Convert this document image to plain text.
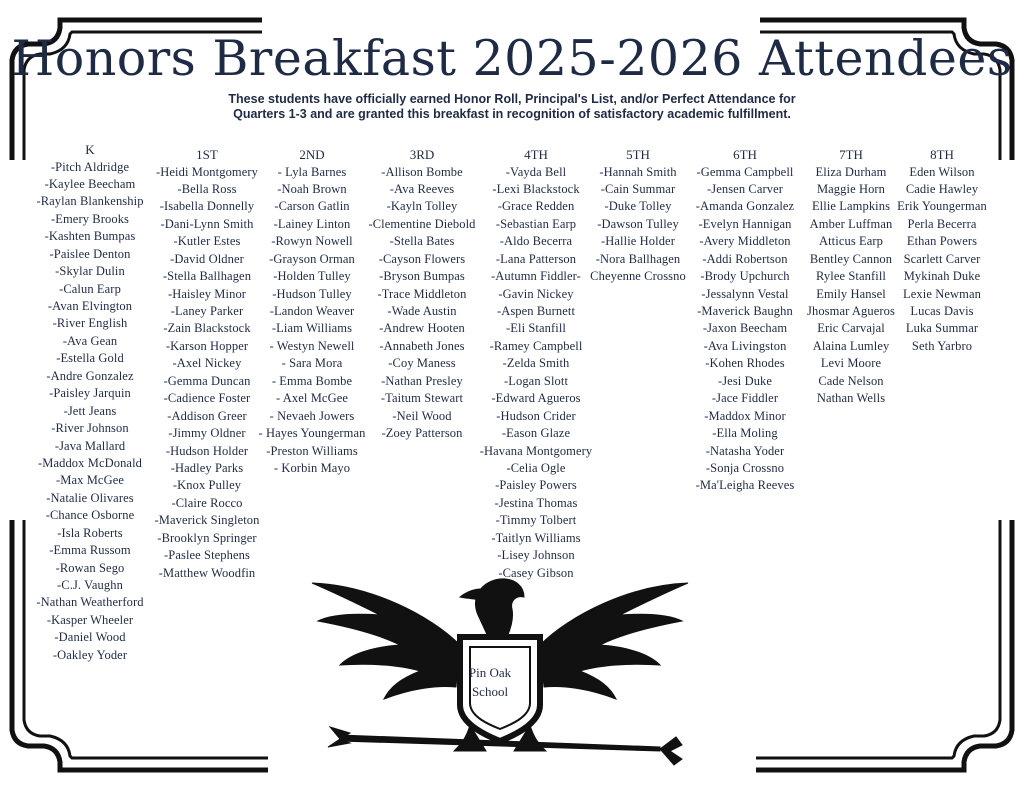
Honors Breakfast 2025-2026 Attendees
These students have officially earned Honor Roll, Principal's List, and/or Perfect Attendance for
Quarters 1-3 and are granted this breakfast in recognition of satisfactory academic fulfillment.
K
-Pitch Aldridge
-Kaylee Beecham
-Raylan Blankenship
-Emery Brooks
-Kashten Bumpas
-Paislee Denton
-Skylar Dulin
-Calun Earp
-Avan Elvington
-River English
-Ava Gean
-Estella Gold
-Andre Gonzalez
-Paisley Jarquin
-Jett Jeans
-River Johnson
-Java Mallard
-Maddox McDonald
-Max McGee
-Natalie Olivares
-Chance Osborne
-Isla Roberts
-Emma Russom
-Rowan Sego
-C.J. Vaughn
-Nathan Weatherford
-Kasper Wheeler
-Daniel Wood
-Oakley Yoder
1ST
-Heidi Montgomery
-Bella Ross
-Isabella Donnelly
-Dani-Lynn Smith
-Kutler Estes
-David Oldner
-Stella Ballhagen
-Haisley Minor
-Laney Parker
-Zain Blackstock
-Karson Hopper
-Axel Nickey
-Gemma Duncan
-Cadience Foster
-Addison Greer
-Jimmy Oldner
-Hudson Holder
-Hadley Parks
-Knox Pulley
-Claire Rocco
-Maverick Singleton
-Brooklyn Springer
-Paslee Stephens
-Matthew Woodfin
2ND
- Lyla Barnes
-Noah Brown
-Carson Gatlin
-Lainey Linton
-Rowyn Nowell
-Grayson Orman
-Holden Tulley
-Hudson Tulley
-Landon Weaver
-Liam Williams
- Westyn Newell
- Sara Mora
- Emma Bombe
- Axel McGee
- Nevaeh Jowers
- Hayes Youngerman
-Preston Williams
- Korbin Mayo
3RD
-Allison Bombe
-Ava Reeves
-Kayln Tolley
-Clementine Diebold
-Stella Bates
-Cayson Flowers
-Bryson Bumpas
-Trace Middleton
-Wade Austin
-Andrew Hooten
-Annabeth Jones
-Coy Maness
-Nathan Presley
-Taitum Stewart
-Neil Wood
-Zoey Patterson
4TH
-Vayda Bell
-Lexi Blackstock
-Grace Redden
-Sebastian Earp
-Aldo Becerra
-Lana Patterson
-Autumn Fiddler-
-Gavin Nickey
-Aspen Burnett
-Eli Stanfill
-Ramey Campbell
-Zelda Smith
-Logan Slott
-Edward Agueros
-Hudson Crider
-Eason Glaze
-Havana Montgomery
-Celia Ogle
-Paisley Powers
-Jestina Thomas
-Timmy Tolbert
-Taitlyn Williams
-Lisey Johnson
-Casey Gibson
5TH
-Hannah Smith
-Cain Summar
-Duke Tolley
-Dawson Tulley
-Hallie Holder
-Nora Ballhagen
Cheyenne Crossno
6TH
-Gemma Campbell
-Jensen Carver
-Amanda Gonzalez
-Evelyn Hannigan
-Avery Middleton
-Addi Robertson
-Brody Upchurch
-Jessalynn Vestal
-Maverick Baughn
-Jaxon Beecham
-Ava Livingston
-Kohen Rhodes
-Jesi Duke
-Jace Fiddler
-Maddox Minor
-Ella Moling
-Natasha Yoder
-Sonja Crossno
-Ma'Leigha Reeves
7TH
Eliza Durham
Maggie Horn
Ellie Lampkins
Amber Luffman
Atticus Earp
Bentley Cannon
Rylee Stanfill
Emily Hansel
Jhosmar Agueros
Eric Carvajal
Alaina Lumley
Levi Moore
Cade Nelson
Nathan Wells
8TH
Eden Wilson
Cadie Hawley
Erik Youngerman
Perla Becerra
Ethan Powers
Scarlett Carver
Mykinah Duke
Lexie Newman
Lucas Davis
Luka Summar
Seth Yarbro
Pin Oak
School
